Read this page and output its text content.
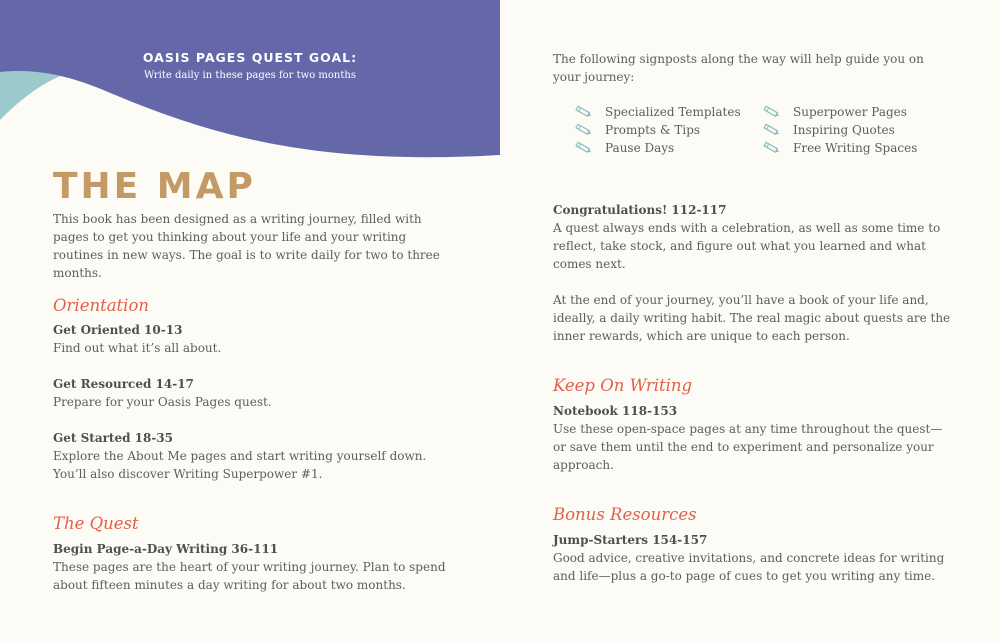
OASIS PAGES QUEST GOAL:
Write daily in these pages for two months
THE MAP

This book has been designed as a writing journey, filled with pages to get you thinking about your life and your writing routines in new ways. The goal is to write daily for two to three months.

Orientation

Get Oriented 10-13

Find out what it’s all about.

Get Resourced 14-17

Prepare for your Oasis Pages quest.

Get Started 18-35

Explore the About Me pages and start writing yourself down. You’ll also discover Writing Superpower #1.

The Quest

Begin Page-a-Day Writing 36-111

These pages are the heart of your writing journey. Plan to spend about fifteen minutes a day writing for about two months.

The following signposts along the way will help guide you on your journey:

Specialized Templates	Superpower Pages
Prompts & Tips	Inspiring Quotes
Pause Days	Free Writing Spaces

Congratulations! 112-117

A quest always ends with a celebration, as well as some time to reflect, take stock, and figure out what you learned and what comes next.

At the end of your journey, you’ll have a book of your life and, ideally, a daily writing habit. The real magic about quests are the inner rewards, which are unique to each person.

Keep On Writing

Notebook 118-153

Use these open-space pages at any time throughout the quest—or save them until the end to experiment and personalize your approach.

Bonus Resources

Jump-Starters 154-157

Good advice, creative invitations, and concrete ideas for writing and life—plus a go-to page of cues to get you writing any time.
